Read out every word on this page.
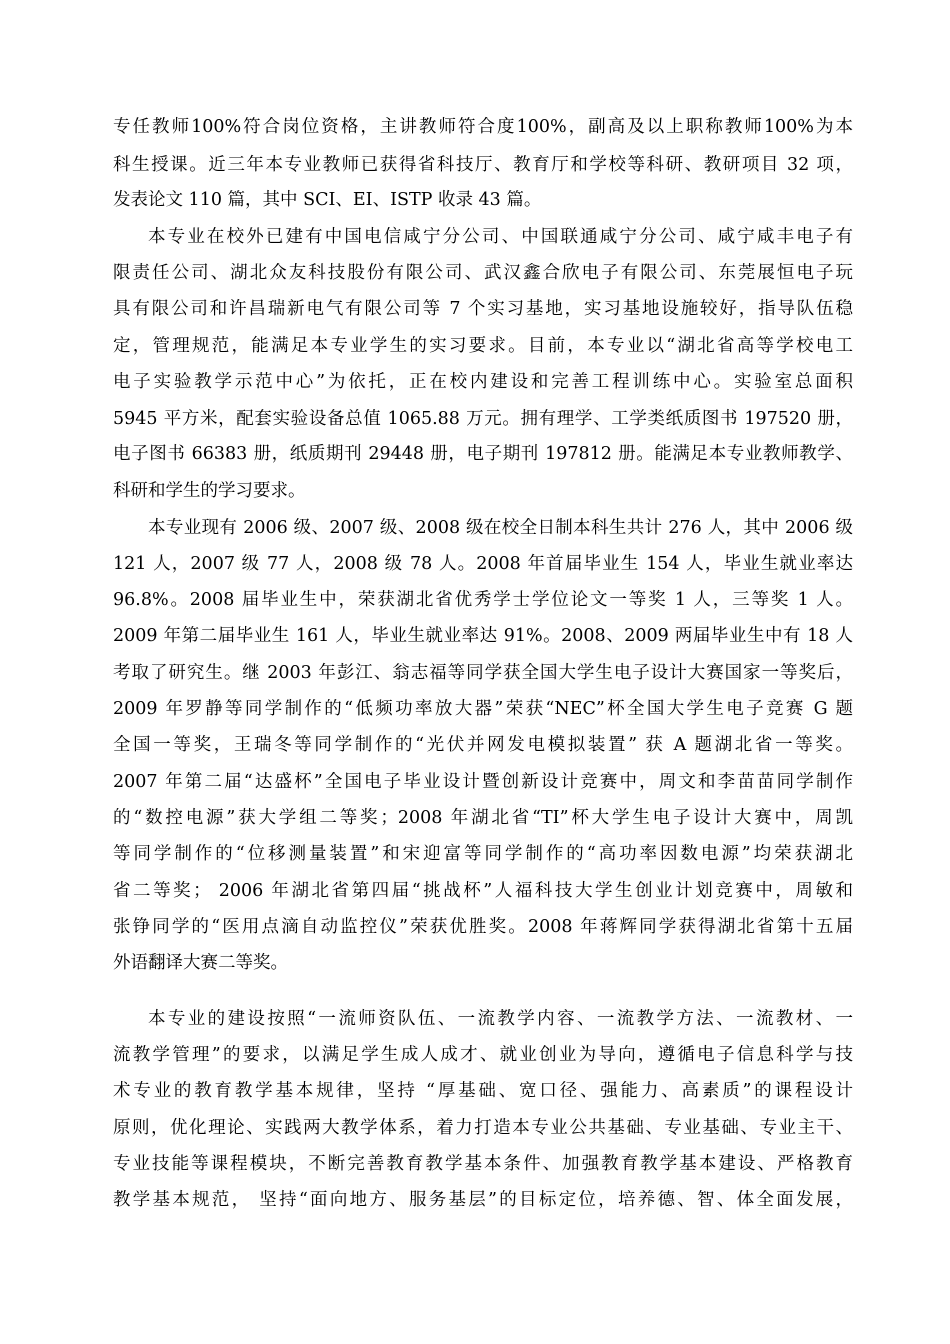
专任教师100%符合岗位资格，主讲教师符合度100%，副高及以上职称教师100%为本
科生授课。近三年本专业教师已获得省科技厅、教育厅和学校等科研、教研项目 32 项，
发表论文 110 篇，其中 SCI、EI、ISTP 收录 43 篇。
本专业在校外已建有中国电信咸宁分公司、中国联通咸宁分公司、咸宁咸丰电子有
限责任公司、湖北众友科技股份有限公司、武汉鑫合欣电子有限公司、东莞展恒电子玩
具有限公司和许昌瑞新电气有限公司等 7 个实习基地，实习基地设施较好，指导队伍稳
定，管理规范，能满足本专业学生的实习要求。目前，本专业以“湖北省高等学校电工
电子实验教学示范中心”为依托，正在校内建设和完善工程训练中心。实验室总面积
5945 平方米，配套实验设备总值 1065.88 万元。拥有理学、工学类纸质图书 197520 册，
电子图书 66383 册，纸质期刊 29448 册，电子期刊 197812 册。能满足本专业教师教学、
科研和学生的学习要求。
本专业现有 2006 级、2007 级、2008 级在校全日制本科生共计 276 人，其中 2006 级
121 人，2007 级 77 人，2008 级 78 人。2008 年首届毕业生 154 人，毕业生就业率达
96.8%。2008 届毕业生中，荣获湖北省优秀学士学位论文一等奖 1 人，三等奖 1 人。
2009 年第二届毕业生 161 人，毕业生就业率达 91%。2008、2009 两届毕业生中有 18 人
考取了研究生。继 2003 年彭江、翁志福等同学获全国大学生电子设计大赛国家一等奖后，
2009 年罗静等同学制作的“低频功率放大器”荣获“NEC”杯全国大学生电子竞赛 G 题
全国一等奖，王瑞冬等同学制作的“光伏并网发电模拟装置” 获 A 题湖北省一等奖。
2007 年第二届“达盛杯”全国电子毕业设计暨创新设计竞赛中，周文和李苗苗同学制作
的“数控电源”获大学组二等奖；2008 年湖北省“TI”杯大学生电子设计大赛中，周凯
等同学制作的“位移测量装置”和宋迎富等同学制作的“高功率因数电源”均荣获湖北
省二等奖； 2006 年湖北省第四届“挑战杯”人福科技大学生创业计划竞赛中，周敏和
张铮同学的“医用点滴自动监控仪”荣获优胜奖。2008 年蒋辉同学获得湖北省第十五届
外语翻译大赛二等奖。
本专业的建设按照“一流师资队伍、一流教学内容、一流教学方法、一流教材、一
流教学管理”的要求，以满足学生成人成才、就业创业为导向，遵循电子信息科学与技
术专业的教育教学基本规律，坚持 “厚基础、宽口径、强能力、高素质”的课程设计
原则，优化理论、实践两大教学体系，着力打造本专业公共基础、专业基础、专业主干、
专业技能等课程模块，不断完善教育教学基本条件、加强教育教学基本建设、严格教育
教学基本规范， 坚持“面向地方、服务基层”的目标定位，培养德、智、体全面发展，
